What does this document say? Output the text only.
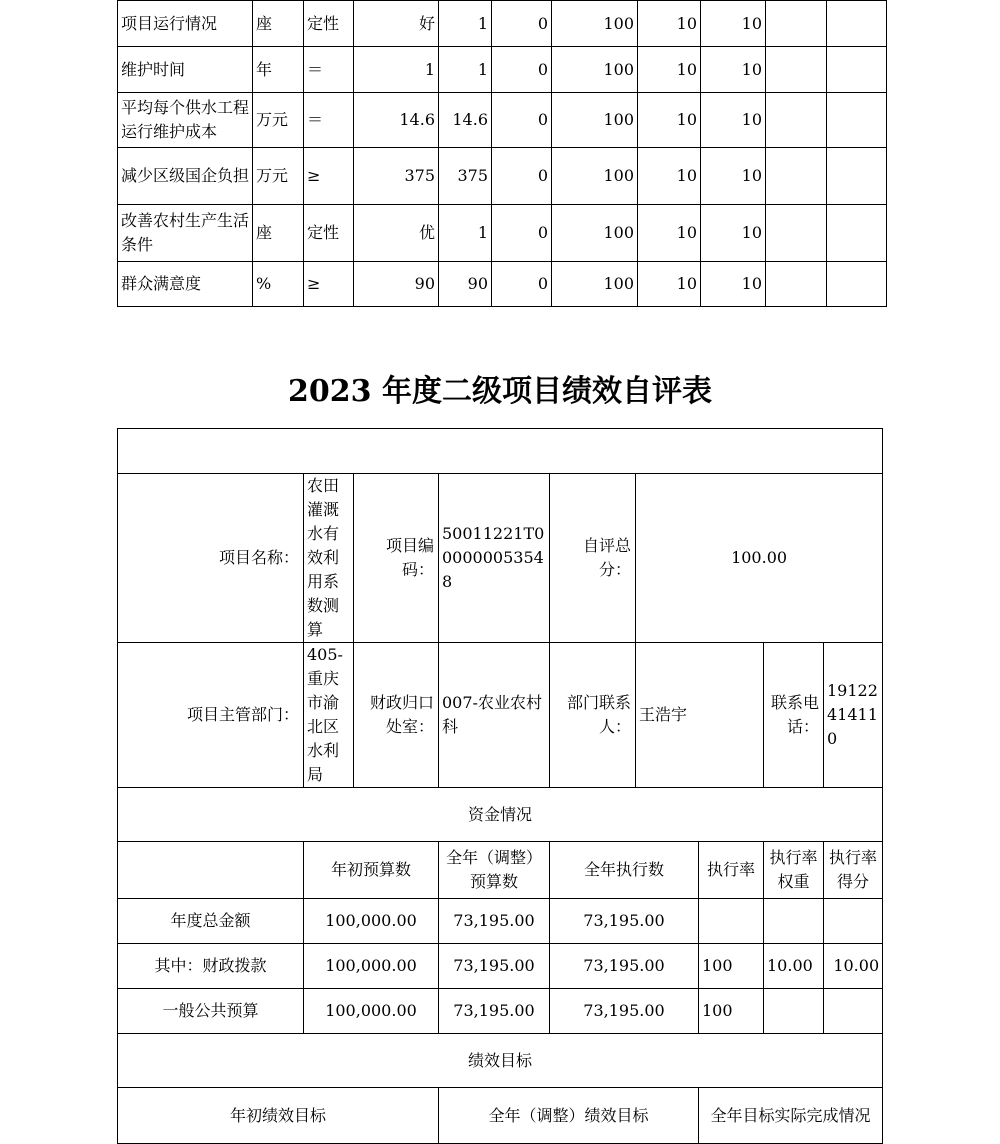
项目运行情况	座	定性	好	1	0	100	10	10		
维护时间	年	＝	1	1	0	100	10	10		
平均每个供水工程运行维护成本	万元	＝	14.6	14.6	0	100	10	10		
减少区级国企负担	万元	≥	375	375	0	100	10	10		
改善农村生产生活条件	座	定性	优	1	0	100	10	10		
群众满意度	%	≥	90	90	0	100	10	10		
2023 年度二级项目绩效自评表

项目名称：	农田灌溉水有效利用系数测算	项目编码：	50011221T000000053548	自评总分：	100.00			
项目主管部门：	405-重庆市渝北区水利局	财政归口处室：	007-农业农村科	部门联系人：	王浩宇		联系电话：	19122414110
资金情况								
	年初预算数		全年（调整）预算数	全年执行数		执行率	执行率权重	执行率得分
年度总金额	100,000.00		73,195.00	73,195.00				
其中：财政拨款	100,000.00		73,195.00	73,195.00		100	10.00	10.00
一般公共预算	100,000.00		73,195.00	73,195.00		100		
绩效目标								
年初绩效目标			全年（调整）绩效目标			全年目标实际完成情况		
